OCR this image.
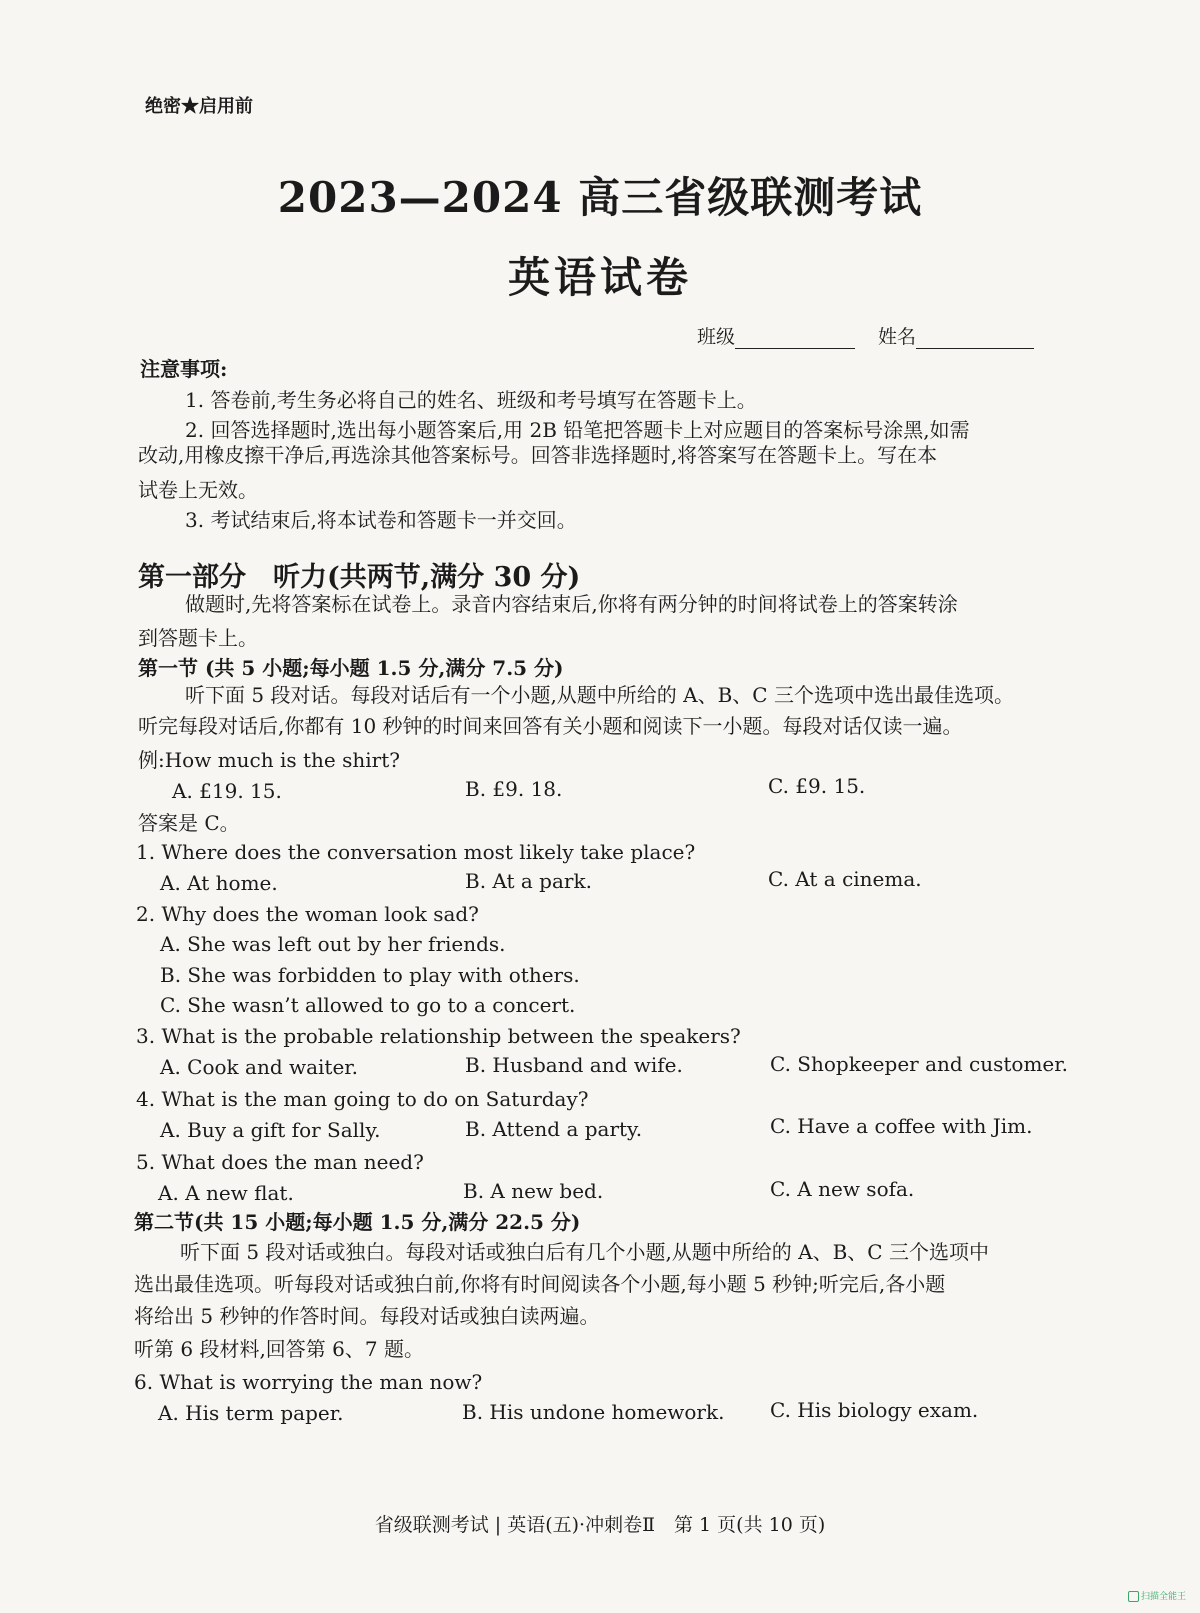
绝密★启用前
2023—2024 高三省级联测考试
英语试卷
班级	姓名
注意事项:
1. 答卷前,考生务必将自己的姓名、班级和考号填写在答题卡上。
2. 回答选择题时,选出每小题答案后,用 2B 铅笔把答题卡上对应题目的答案标号涂黑,如需
改动,用橡皮擦干净后,再选涂其他答案标号。回答非选择题时,将答案写在答题卡上。写在本
试卷上无效。
3. 考试结束后,将本试卷和答题卡一并交回。
第一部分　听力(共两节,满分 30 分)
做题时,先将答案标在试卷上。录音内容结束后,你将有两分钟的时间将试卷上的答案转涂
到答题卡上。
第一节 (共 5 小题;每小题 1.5 分,满分 7.5 分)
听下面 5 段对话。每段对话后有一个小题,从题中所给的 A、B、C 三个选项中选出最佳选项。
听完每段对话后,你都有 10 秒钟的时间来回答有关小题和阅读下一小题。每段对话仅读一遍。
例:How much is the shirt?
A. £19. 15.	B. £9. 18.	C. £9. 15.
答案是 C。
1. Where does the conversation most likely take place?
A. At home.	B. At a park.	C. At a cinema.
2. Why does the woman look sad?
A. She was left out by her friends.
B. She was forbidden to play with others.
C. She wasn’t allowed to go to a concert.
3. What is the probable relationship between the speakers?
A. Cook and waiter.	B. Husband and wife.	C. Shopkeeper and customer.
4. What is the man going to do on Saturday?
A. Buy a gift for Sally.	B. Attend a party.	C. Have a coffee with Jim.
5. What does the man need?
A. A new flat.	B. A new bed.	C. A new sofa.
第二节(共 15 小题;每小题 1.5 分,满分 22.5 分)
听下面 5 段对话或独白。每段对话或独白后有几个小题,从题中所给的 A、B、C 三个选项中
选出最佳选项。听每段对话或独白前,你将有时间阅读各个小题,每小题 5 秒钟;听完后,各小题
将给出 5 秒钟的作答时间。每段对话或独白读两遍。
听第 6 段材料,回答第 6、7 题。
6. What is worrying the man now?
A. His term paper.	B. His undone homework. C. His biology exam.
省级联测考试 | 英语(五)·冲刺卷Ⅱ　第 1 页(共 10 页)
扫描全能王
